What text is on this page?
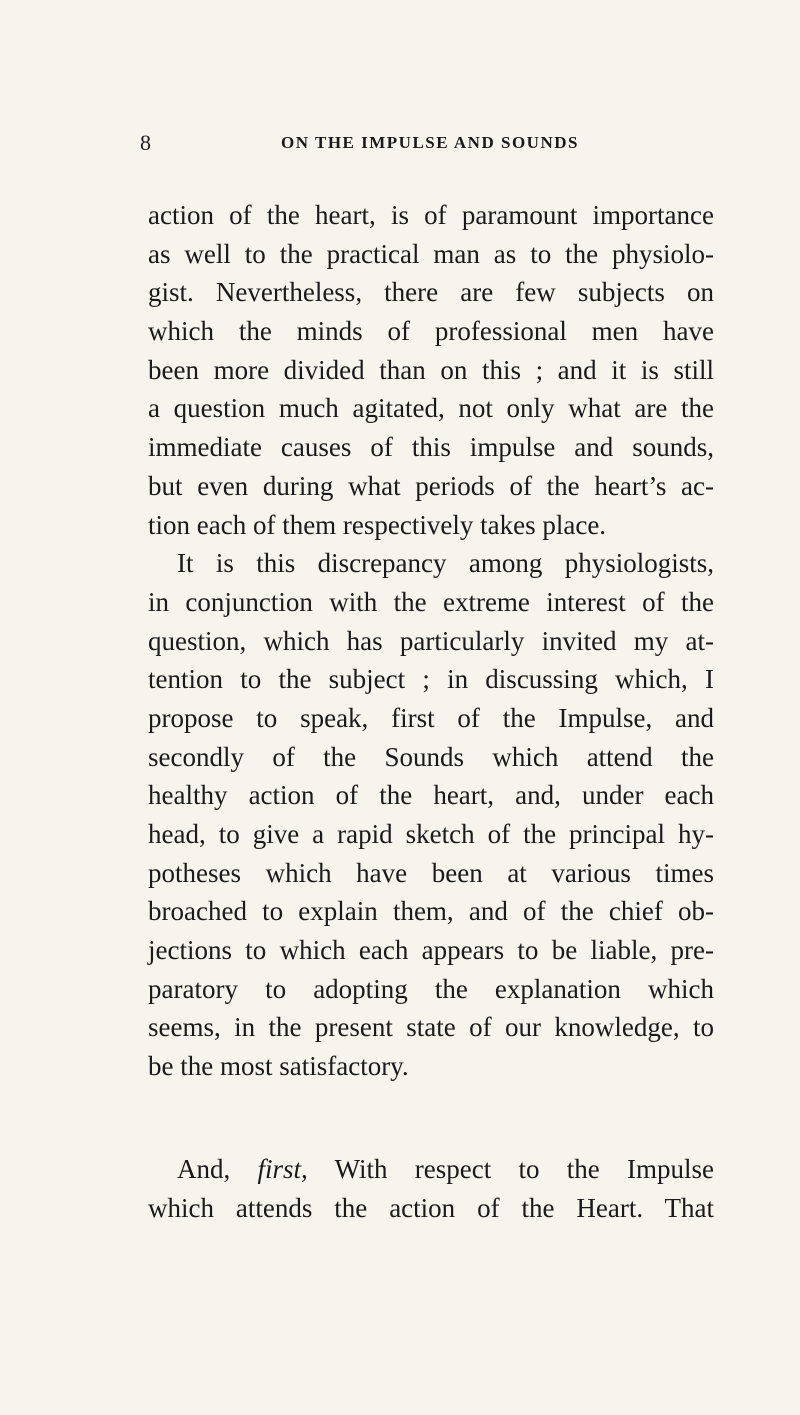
8	ON THE IMPULSE AND SOUNDS
action of the heart, is of paramount importance
as well to the practical man as to the physiolo-
gist. Nevertheless, there are few subjects on
which the minds of professional men have
been more divided than on this ; and it is still
a question much agitated, not only what are the
immediate causes of this impulse and sounds,
but even during what periods of the heart’s ac-
tion each of them respectively takes place.
It is this discrepancy among physiologists,
in conjunction with the extreme interest of the
question, which has particularly invited my at-
tention to the subject ; in discussing which, I
propose to speak, first of the Impulse, and
secondly of the Sounds which attend the
healthy action of the heart, and, under each
head, to give a rapid sketch of the principal hy-
potheses which have been at various times
broached to explain them, and of the chief ob-
jections to which each appears to be liable, pre-
paratory to adopting the explanation which
seems, in the present state of our knowledge, to
be the most satisfactory.
And, first, With respect to the Impulse
which attends the action of the Heart. That
